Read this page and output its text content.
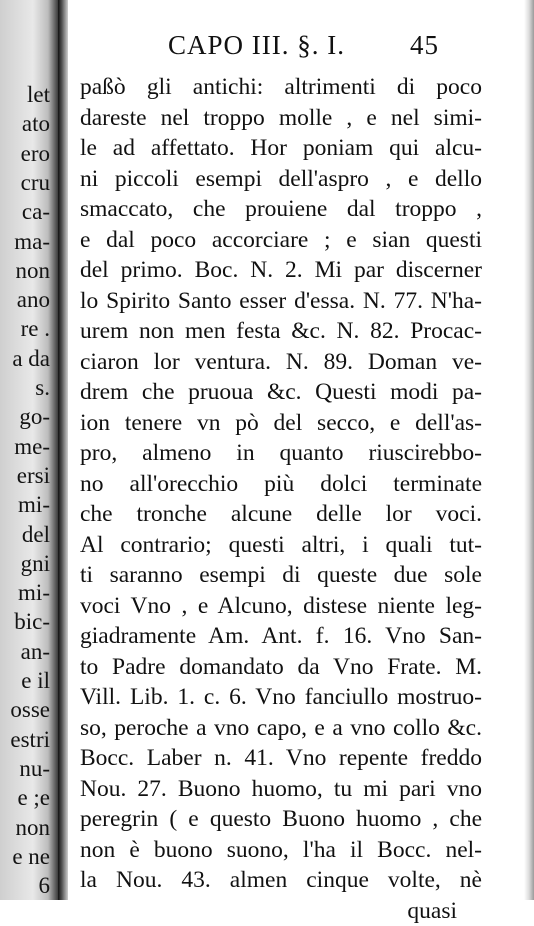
let
ato
ero
cru
ca-
ma-
non
ano
re .
a da
s.
go-
me-
ersi
mi-
del
gni
mi-
bic-
an-
e il
osse
estri
nu-
e ;e
non
e ne
6
CAPO III. §. I. 45
paßò gli antichi: altrimenti di poco
dareste nel troppo molle , e nel simi-
le ad affettato. Hor poniam qui alcu-
ni piccoli esempi dell'aspro , e dello
smaccato, che prouiene dal troppo ,
e dal poco accorciare ; e sian questi
del primo. Boc. N. 2. Mi par discerner
lo Spirito Santo esser d'essa. N. 77. N'ha-
urem non men festa &c. N. 82. Procac-
ciaron lor ventura. N. 89. Doman ve-
drem che pruoua &c. Questi modi pa-
ion tenere vn pò del secco, e dell'as-
pro, almeno in quanto riuscirebbo-
no all'orecchio più dolci terminate
che tronche alcune delle lor voci.
Al contrario; questi altri, i quali tut-
ti saranno esempi di queste due sole
voci Vno , e Alcuno, distese niente leg-
giadramente Am. Ant. f. 16. Vno San-
to Padre domandato da Vno Frate. M.
Vill. Lib. 1. c. 6. Vno fanciullo mostruo-
so, peroche a vno capo, e a vno collo &c.
Bocc. Laber n. 41. Vno repente freddo
Nou. 27. Buono huomo, tu mi pari vno
peregrin ( e questo Buono huomo , che
non è buono suono, l'ha il Bocc. nel-
la Nou. 43. almen cinque volte, nè
quasi
